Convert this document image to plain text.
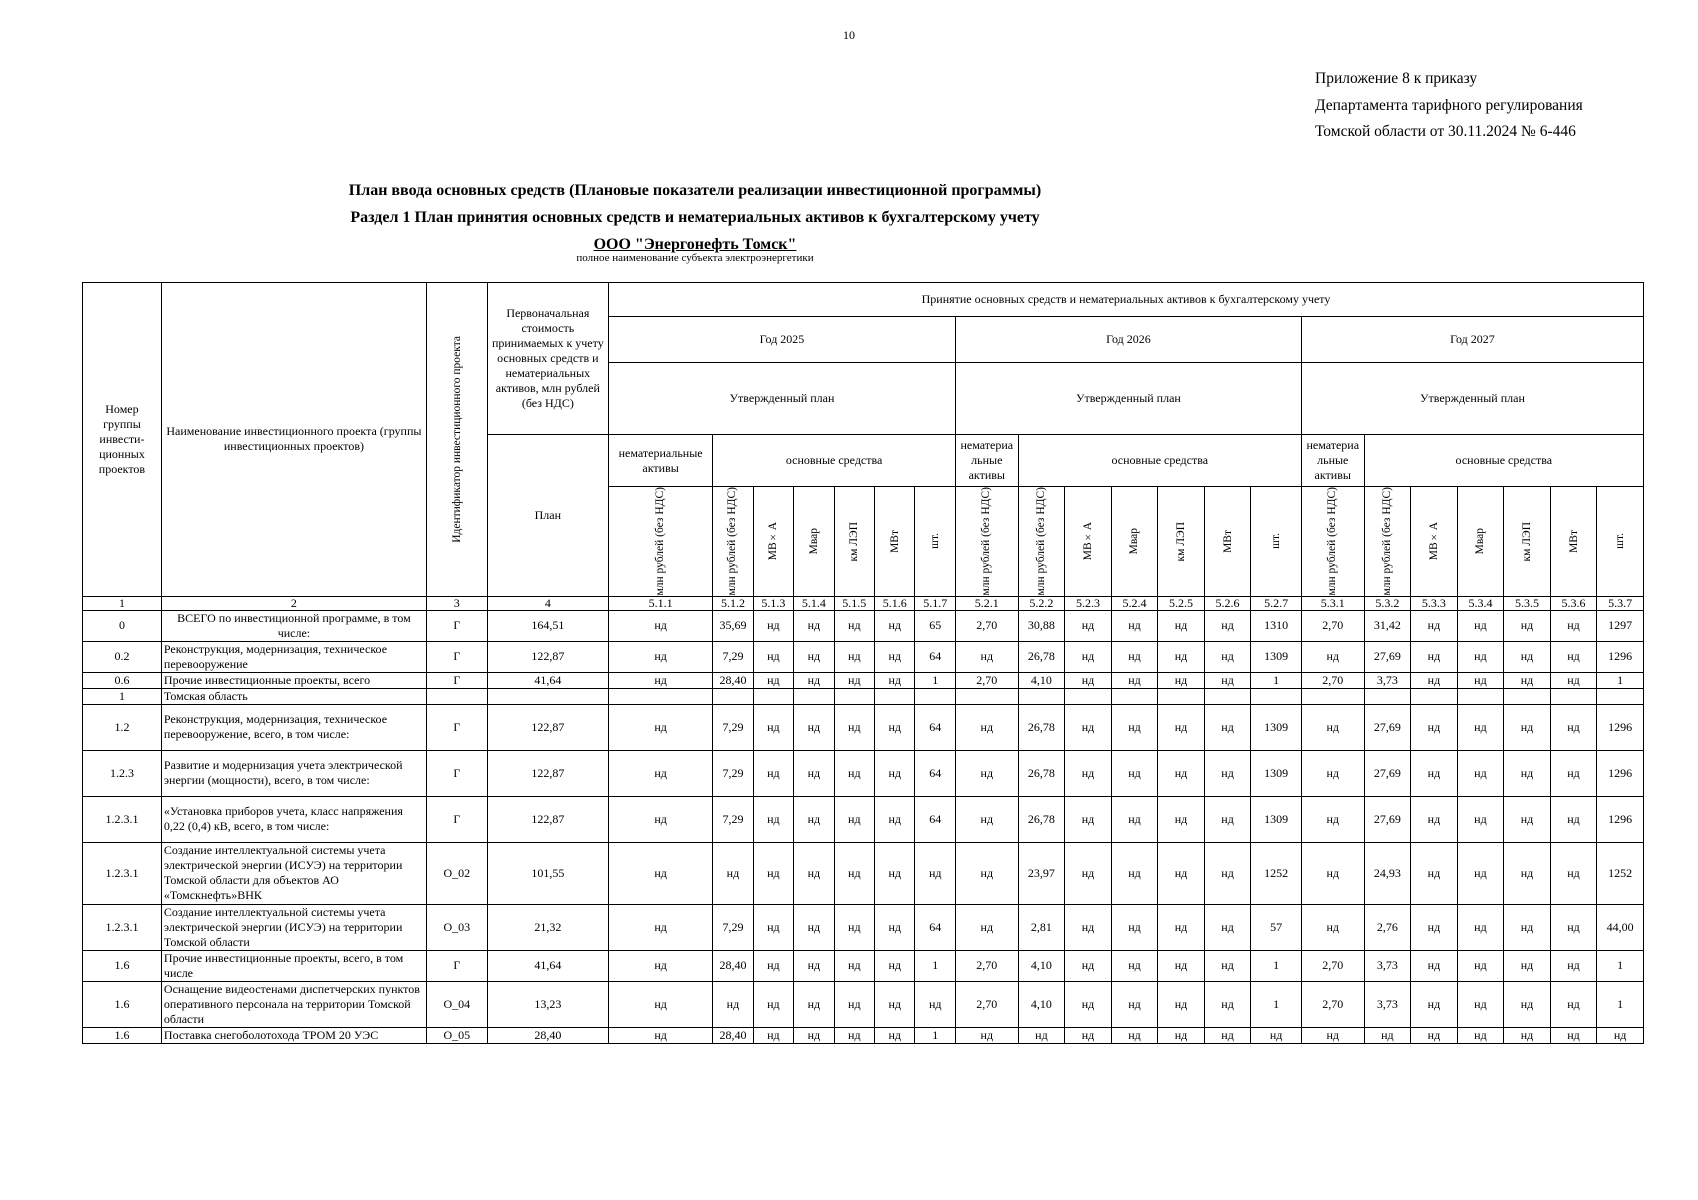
10
Приложение 8 к приказу
Департамента тарифного регулирования
Томской области от 30.11.2024 № 6-446
План ввода основных средств (Плановые показатели реализации инвестиционной программы)
Раздел 1 План принятия основных средств и нематериальных активов к бухгалтерскому учету
ООО "Энергонефть Томск"
полное наименование субъекта электроэнергетики
Номер группы инвести-ционных проектов	Наименование инвестиционного проекта (группы инвестиционных проектов)	Идентификатор инвестиционного проекта	Первоначальная стоимость принимаемых к учету основных средств и нематериальных активов, млн рублей (без НДС)	Принятие основных средств и нематериальных активов к бухгалтерскому учету																				
				Год 2025							Год 2026							Год 2027						
				Утвержденный план							Утвержденный план							Утвержденный план						
			План	нематериальные активы	основные средства						нематериа льные активы	основные средства						нематериа льные активы	основные средства					

				млн рублей (без НДС)	млн рублей (без НДС)	МВ×А	Мвар	км ЛЭП	МВт	шт.	млн рублей (без НДС)	млн рублей (без НДС)	МВ×А	Мвар	км ЛЭП	МВт	шт.	млн рублей (без НДС)	млн рублей (без НДС)	МВ×А	Мвар	км ЛЭП	МВт	шт.

1	2	3	4	5.1.1	5.1.2	5.1.3	5.1.4	5.1.5	5.1.6	5.1.7	5.2.1	5.2.2	5.2.3	5.2.4	5.2.5	5.2.6	5.2.7	5.3.1	5.3.2	5.3.3	5.3.4	5.3.5	5.3.6	5.3.7
0	ВСЕГО по инвестиционной программе, в том числе:	Г	164,51	нд	35,69	нд	нд	нд	нд	65	2,70	30,88	нд	нд	нд	нд	1310	2,70	31,42	нд	нд	нд	нд	1297
0.2	Реконструкция, модернизация, техническое перевооружение	Г	122,87	нд	7,29	нд	нд	нд	нд	64	нд	26,78	нд	нд	нд	нд	1309	нд	27,69	нд	нд	нд	нд	1296
0.6	Прочие инвестиционные проекты, всего	Г	41,64	нд	28,40	нд	нд	нд	нд	1	2,70	4,10	нд	нд	нд	нд	1	2,70	3,73	нд	нд	нд	нд	1
1	Томская область																							
1.2	Реконструкция, модернизация, техническое перевооружение, всего, в том числе:	Г	122,87	нд	7,29	нд	нд	нд	нд	64	нд	26,78	нд	нд	нд	нд	1309	нд	27,69	нд	нд	нд	нд	1296
1.2.3	Развитие и модернизация учета электрической энергии (мощности), всего, в том числе:	Г	122,87	нд	7,29	нд	нд	нд	нд	64	нд	26,78	нд	нд	нд	нд	1309	нд	27,69	нд	нд	нд	нд	1296
1.2.3.1	«Установка приборов учета, класс напряжения 0,22 (0,4) кВ, всего, в том числе:	Г	122,87	нд	7,29	нд	нд	нд	нд	64	нд	26,78	нд	нд	нд	нд	1309	нд	27,69	нд	нд	нд	нд	1296
1.2.3.1	Создание интеллектуальной системы учета электрической энергии (ИСУЭ) на территории Томской области для объектов АО «Томскнефть»ВНК	O_02	101,55	нд	нд	нд	нд	нд	нд	нд	нд	23,97	нд	нд	нд	нд	1252	нд	24,93	нд	нд	нд	нд	1252
1.2.3.1	Создание интеллектуальной системы учета электрической энергии (ИСУЭ) на территории Томской области	O_03	21,32	нд	7,29	нд	нд	нд	нд	64	нд	2,81	нд	нд	нд	нд	57	нд	2,76	нд	нд	нд	нд	44,00
1.6	Прочие инвестиционные проекты, всего, в том числе	Г	41,64	нд	28,40	нд	нд	нд	нд	1	2,70	4,10	нд	нд	нд	нд	1	2,70	3,73	нд	нд	нд	нд	1
1.6	Оснащение видеостенами диспетчерских пунктов оперативного персонала на территории Томской области	O_04	13,23	нд	нд	нд	нд	нд	нд	нд	2,70	4,10	нд	нд	нд	нд	1	2,70	3,73	нд	нд	нд	нд	1
1.6	Поставка снегоболотохода ТРОМ 20 УЭС	O_05	28,40	нд	28,40	нд	нд	нд	нд	1	нд	нд	нд	нд	нд	нд	нд	нд	нд	нд	нд	нд	нд	нд
